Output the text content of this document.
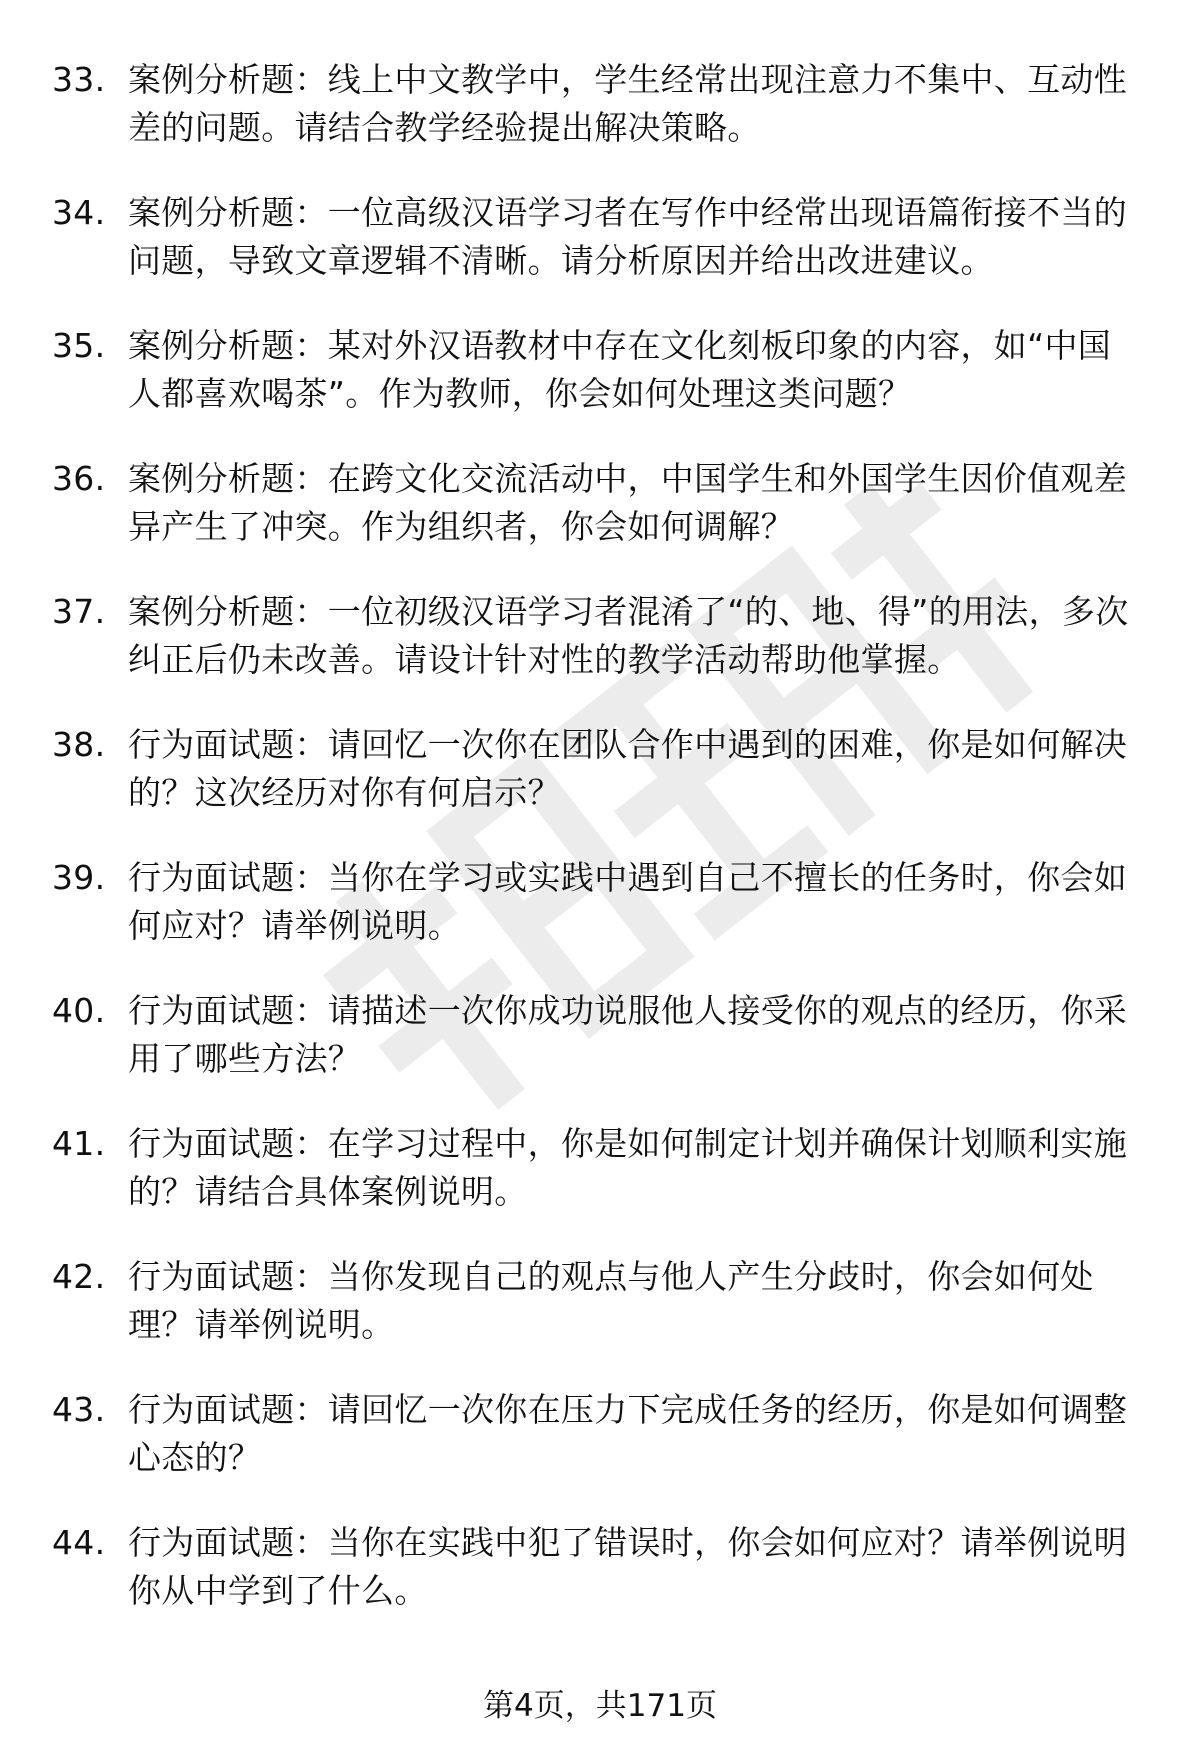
33. 案例分析题：线上中文教学中，学生经常出现注意力不集中、互动性差的问题。请结合教学经验提出解决策略。
34. 案例分析题：一位高级汉语学习者在写作中经常出现语篇衔接不当的问题，导致文章逻辑不清晰。请分析原因并给出改进建议。
35. 案例分析题：某对外汉语教材中存在文化刻板印象的内容，如“中国人都喜欢喝茶”。作为教师，你会如何处理这类问题？
36. 案例分析题：在跨文化交流活动中，中国学生和外国学生因价值观差异产生了冲突。作为组织者，你会如何调解？
37. 案例分析题：一位初级汉语学习者混淆了“的、地、得”的用法，多次纠正后仍未改善。请设计针对性的教学活动帮助他掌握。
38. 行为面试题：请回忆一次你在团队合作中遇到的困难，你是如何解决的？这次经历对你有何启示？
39. 行为面试题：当你在学习或实践中遇到自己不擅长的任务时，你会如何应对？请举例说明。
40. 行为面试题：请描述一次你成功说服他人接受你的观点的经历，你采用了哪些方法？
41. 行为面试题：在学习过程中，你是如何制定计划并确保计划顺利实施的？请结合具体案例说明。
42. 行为面试题：当你发现自己的观点与他人产生分歧时，你会如何处理？请举例说明。
43. 行为面试题：请回忆一次你在压力下完成任务的经历，你是如何调整心态的？
44. 行为面试题：当你在实践中犯了错误时，你会如何应对？请举例说明你从中学到了什么。
第4页，共171页
